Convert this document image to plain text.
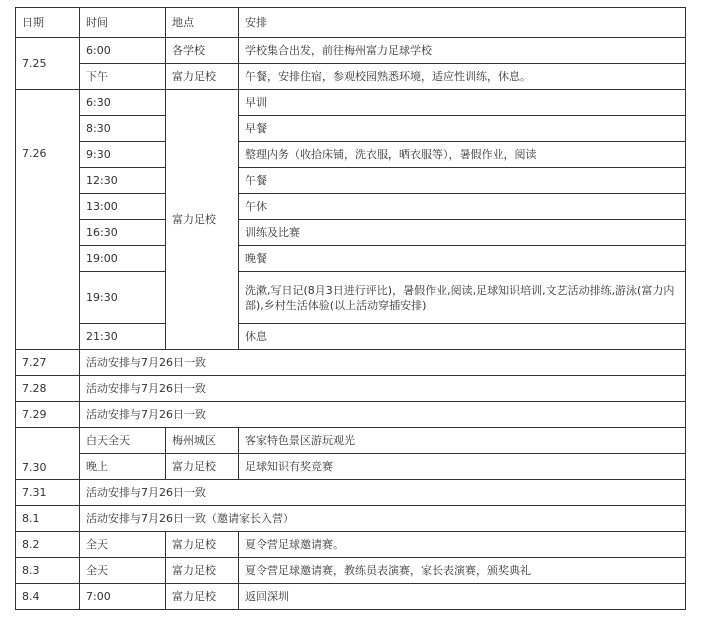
日期	时间	地点	安排
7.25	6:00	各学校	学校集合出发，前往梅州富力足球学校
	下午	富力足校	午餐，安排住宿，参观校园熟悉环境，适应性训练，休息。
7.26	6:30	富力足校	早训
	8:30		早餐
	9:30		整理内务（收拾床铺，洗衣服，晒衣服等），暑假作业，阅读
	12:30		午餐
	13:00		午休
	16:30		训练及比赛
	19:00		晚餐
	19:30		洗漱,写日记(8月3日进行评比)，暑假作业,阅读,足球知识培训,文艺活动排练,游泳(富力内部),乡村生活体验(以上活动穿插安排)
	21:30		休息
7.27	活动安排与7月26日一致		
7.28	活动安排与7月26日一致		
7.29	活动安排与7月26日一致		
7.30	白天全天	梅州城区	客家特色景区游玩观光
	晚上	富力足校	足球知识有奖竞赛
7.31	活动安排与7月26日一致		
8.1	活动安排与7月26日一致（邀请家长入营）		
8.2	全天	富力足校	夏令营足球邀请赛。
8.3	全天	富力足校	夏令营足球邀请赛，教练员表演赛，家长表演赛，颁奖典礼
8.4	7:00	富力足校	返回深圳
